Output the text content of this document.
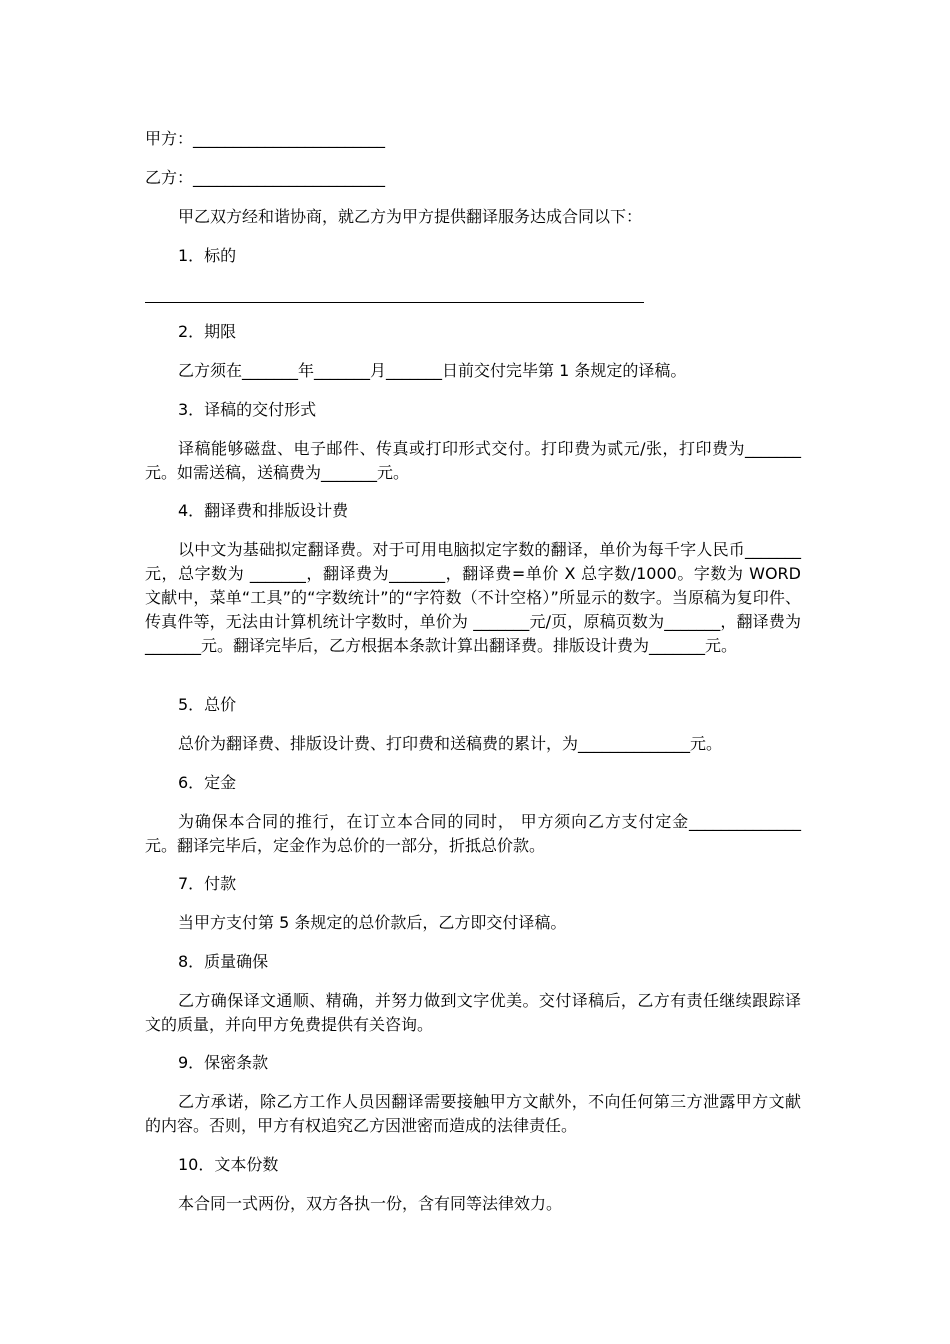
甲方：________________________
乙方：________________________
甲乙双方经和谐协商，就乙方为甲方提供翻译服务达成合同以下：
1．标的
2．期限
乙方须在_______年_______月_______日前交付完毕第 1 条规定的译稿。
3．译稿的交付形式
译稿能够磁盘、电子邮件、传真或打印形式交付。打印费为贰元/张，打印费为_______元。如需送稿，送稿费为_______元。
4．翻译费和排版设计费
以中文为基础拟定翻译费。对于可用电脑拟定字数的翻译，单价为每千字人民币_______元，总字数为 _______，翻译费为_______，翻译费=单价 X 总字数/1000。字数为 WORD 文献中，菜单“工具”的“字数统计”的“字符数（不计空格）”所显示的数字。当原稿为复印件、传真件等，无法由计算机统计字数时，单价为 _______元/页，原稿页数为_______，翻译费为_______元。翻译完毕后，乙方根据本条款计算出翻译费。排版设计费为_______元。
5．总价
总价为翻译费、排版设计费、打印费和送稿费的累计，为______________元。
6．定金
为确保本合同的推行，在订立本合同的同时， 甲方须向乙方支付定金______________元。翻译完毕后，定金作为总价的一部分，折抵总价款。
7．付款
当甲方支付第 5 条规定的总价款后，乙方即交付译稿。
8．质量确保
乙方确保译文通顺、精确，并努力做到文字优美。交付译稿后，乙方有责任继续跟踪译文的质量，并向甲方免费提供有关咨询。
9．保密条款
乙方承诺，除乙方工作人员因翻译需要接触甲方文献外，不向任何第三方泄露甲方文献的内容。否则，甲方有权追究乙方因泄密而造成的法律责任。
10．文本份数
本合同一式两份，双方各执一份，含有同等法律效力。
